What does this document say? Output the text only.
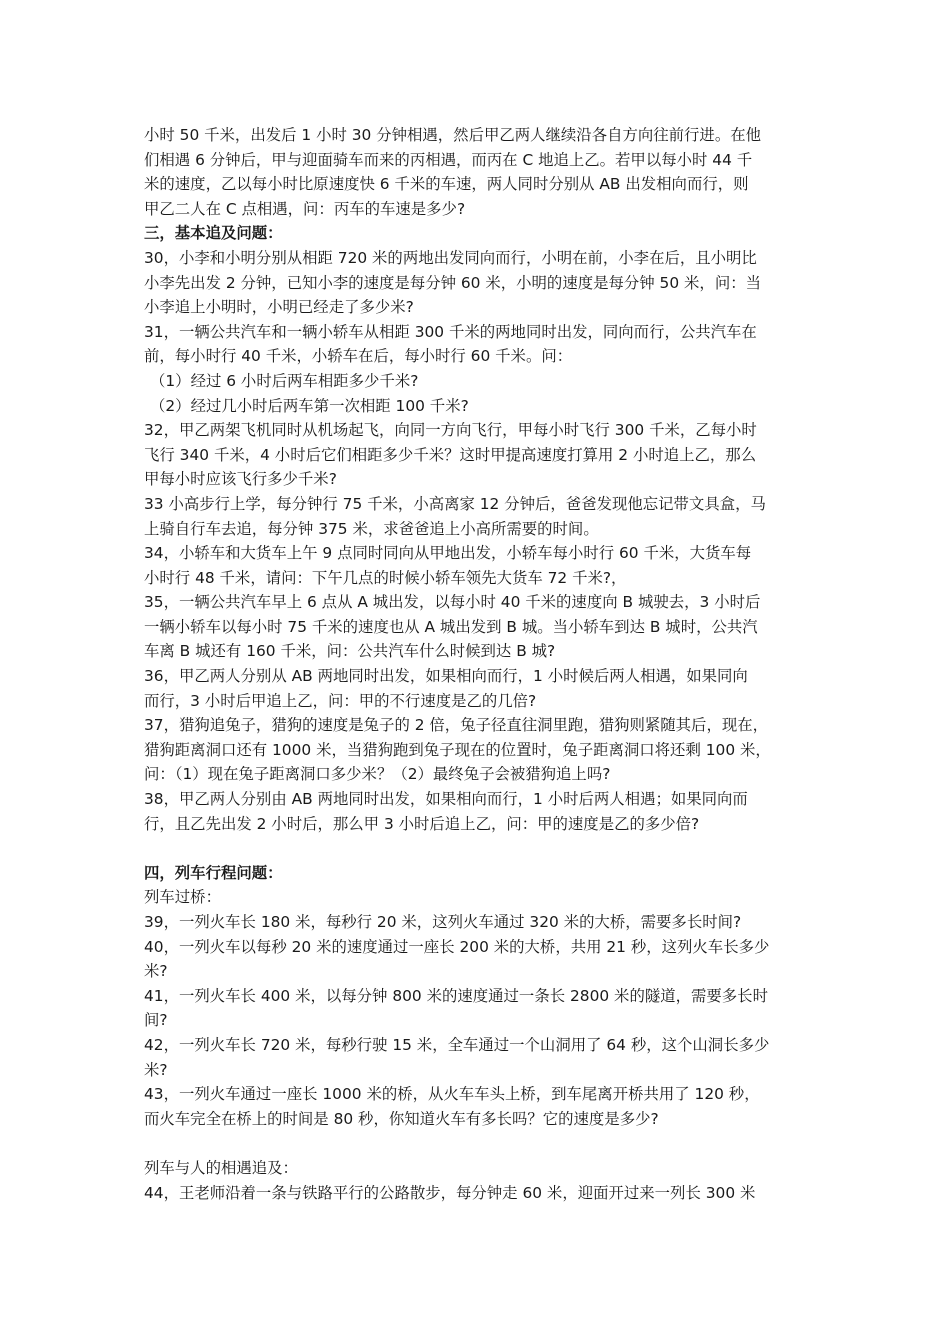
小时 50 千米，出发后 1 小时 30 分钟相遇，然后甲乙两人继续沿各自方向往前行进。在他
们相遇 6 分钟后，甲与迎面骑车而来的丙相遇，而丙在 C 地追上乙。若甲以每小时 44 千
米的速度，乙以每小时比原速度快 6 千米的车速，两人同时分别从 AB 出发相向而行，则
甲乙二人在 C 点相遇，问：丙车的车速是多少?
三，基本追及问题：
30，小李和小明分别从相距 720 米的两地出发同向而行，小明在前，小李在后，且小明比
小李先出发 2 分钟，已知小李的速度是每分钟 60 米，小明的速度是每分钟 50 米，问：当
小李追上小明时，小明已经走了多少米?
31，一辆公共汽车和一辆小轿车从相距 300 千米的两地同时出发，同向而行，公共汽车在
前，每小时行 40 千米，小轿车在后，每小时行 60 千米。问：
（1）经过 6 小时后两车相距多少千米?
（2）经过几小时后两车第一次相距 100 千米?
32，甲乙两架飞机同时从机场起飞，向同一方向飞行，甲每小时飞行 300 千米，乙每小时
飞行 340 千米，4 小时后它们相距多少千米？这时甲提高速度打算用 2 小时追上乙，那么
甲每小时应该飞行多少千米?
33 小高步行上学，每分钟行 75 千米，小高离家 12 分钟后，爸爸发现他忘记带文具盒，马
上骑自行车去追，每分钟 375 米，求爸爸追上小高所需要的时间。
34，小轿车和大货车上午 9 点同时同向从甲地出发，小轿车每小时行 60 千米，大货车每
小时行 48 千米，请问：下午几点的时候小轿车领先大货车 72 千米?，
35，一辆公共汽车早上 6 点从 A 城出发，以每小时 40 千米的速度向 B 城驶去，3 小时后
一辆小轿车以每小时 75 千米的速度也从 A 城出发到 B 城。当小轿车到达 B 城时，公共汽
车离 B 城还有 160 千米，问：公共汽车什么时候到达 B 城?
36，甲乙两人分别从 AB 两地同时出发，如果相向而行，1 小时候后两人相遇，如果同向
而行，3 小时后甲追上乙，问：甲的不行速度是乙的几倍?
37，猎狗追兔子，猎狗的速度是兔子的 2 倍，兔子径直往洞里跑，猎狗则紧随其后，现在，
猎狗距离洞口还有 1000 米，当猎狗跑到兔子现在的位置时，兔子距离洞口将还剩 100 米，
问：（1）现在兔子距离洞口多少米？（2）最终兔子会被猎狗追上吗?
38，甲乙两人分别由 AB 两地同时出发，如果相向而行，1 小时后两人相遇；如果同向而
行，且乙先出发 2 小时后，那么甲 3 小时后追上乙，问：甲的速度是乙的多少倍?
四，列车行程问题：
列车过桥：
39，一列火车长 180 米，每秒行 20 米，这列火车通过 320 米的大桥，需要多长时间?
40，一列火车以每秒 20 米的速度通过一座长 200 米的大桥，共用 21 秒，这列火车长多少
米?
41，一列火车长 400 米，以每分钟 800 米的速度通过一条长 2800 米的隧道，需要多长时
间?
42，一列火车长 720 米，每秒行驶 15 米，全车通过一个山洞用了 64 秒，这个山洞长多少
米?
43，一列火车通过一座长 1000 米的桥，从火车车头上桥，到车尾离开桥共用了 120 秒，
而火车完全在桥上的时间是 80 秒，你知道火车有多长吗？它的速度是多少?
列车与人的相遇追及：
44，王老师沿着一条与铁路平行的公路散步，每分钟走 60 米，迎面开过来一列长 300 米
